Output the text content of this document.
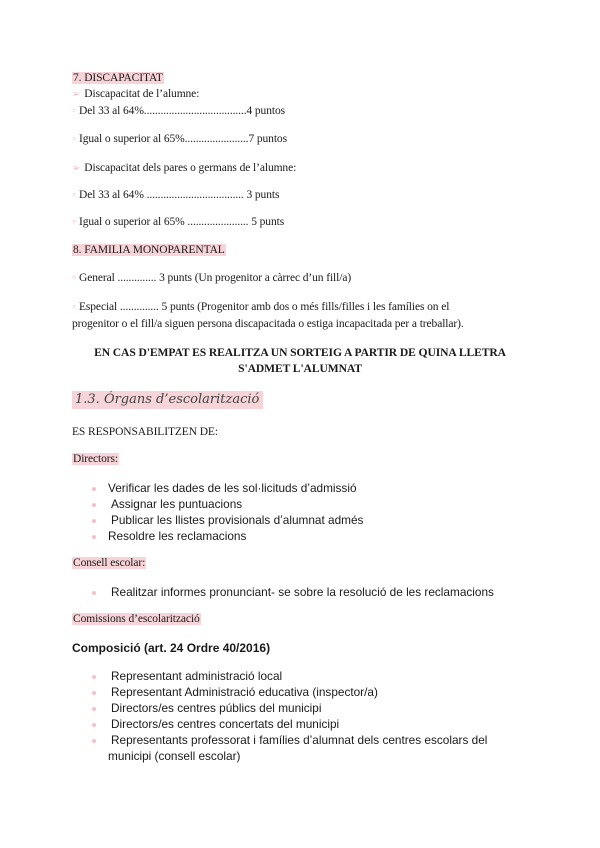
7. DISCAPACITAT
➢ Discapacitat de l’alumne:
◦ Del 33 al 64%.....................................4 puntos
◦ Igual o superior al 65%.......................7 puntos
➢ Discapacitat dels pares o germans de l’alumne:
◦ Del 33 al 64% ................................... 3 punts
◦ Igual o superior al 65% ...................... 5 punts
8. FAMILIA MONOPARENTAL
◦ General .............. 3 punts (Un progenitor a càrrec d’un fill/a)
◦ Especial .............. 5 punts (Progenitor amb dos o més fills/filles i les famílies on el
progenitor o el fill/a siguen persona discapacitada o estiga incapacitada per a treballar).
EN CAS D'EMPAT ES REALITZA UN SORTEIG A PARTIR DE QUINA LLETRA
S'ADMET L'ALUMNAT
1.3. Órgans d’escolarització
ES RESPONSABILITZEN DE:
Directors:
Verificar les dades de les sol·licituds d’admissió
Assignar les puntuacions
Publicar les llistes provisionals d’alumnat admés
Resoldre les reclamacions
Consell escolar:
Realitzar informes pronunciant- se sobre la resolució de les reclamacions
Comissions d’escolarització
Composició (art. 24 Ordre 40/2016)
Representant administració local
Representant Administració educativa (inspector/a)
Directors/es centres públics del municipi
Directors/es centres concertats del municipi
Representants professorat i famílies d’alumnat dels centres escolars del
municipi (consell escolar)
